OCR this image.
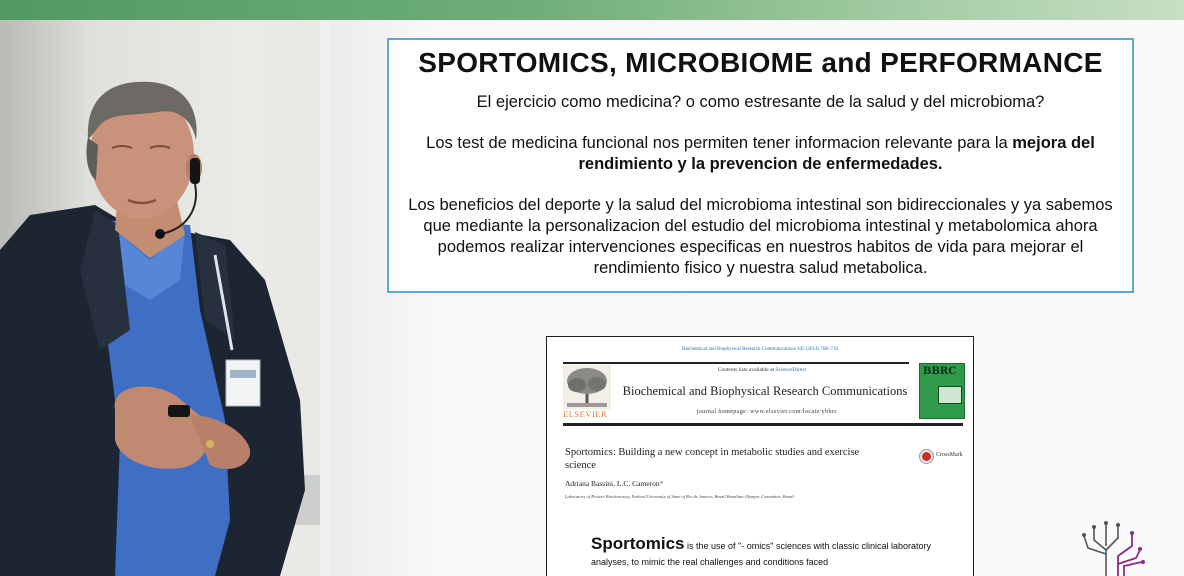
SPORTOMICS, MICROBIOME and PERFORMANCE

El ejercicio como medicina? o como estresante de la salud y del microbioma?

Los test de medicina funcional nos permiten tener informacion relevante para la mejora del rendimiento y la prevencion de enfermedades.

Los beneficios del deporte y la salud del microbioma intestinal son bidireccionales y ya sabemos que mediante la personalizacion del estudio del microbioma intestinal y metabolomica ahora podemos realizar intervenciones especificas en nuestros habitos de vida para mejorar el rendimiento fisico y nuestra salud metabolica.

Biochemical and Biophysical Research Communications 445 (2014) 708–716
Contents lists available at ScienceDirect
ELSEVIER
Biochemical and Biophysical Research Communications
journal homepage: www.elsevier.com/locate/ybbrc
BBRC
Sportomics: Building a new concept in metabolic studies and exercise science
CrossMark
Adriana Bassini, L.C. Cameron*
Laboratory of Protein Biochemistry, Federal University of State of Rio de Janeiro, Brazil Brazilian Olympic Committee, Brazil
Sportomics is the use of "- omics" sciences with classic clinical laboratory analyses, to mimic the real challenges and conditions faced
